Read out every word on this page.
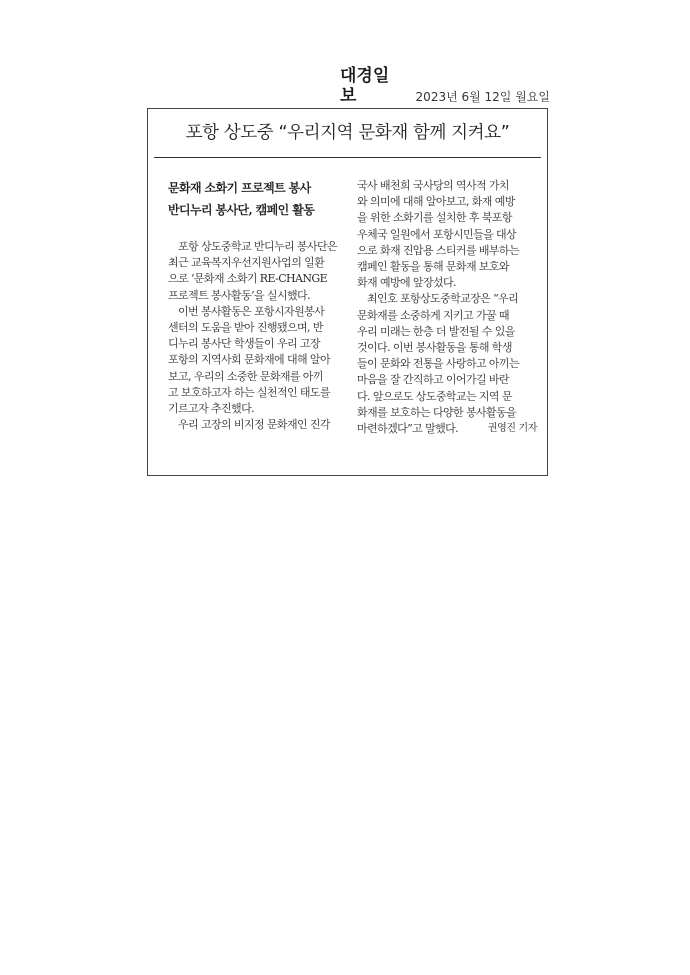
대경일보	2023년 6월 12일 월요일
포항 상도중 “우리지역 문화재 함께 지켜요”
문화재 소화기 프로젝트 봉사
반디누리 봉사단, 캠페인 활동
포항 상도중학교 반디누리 봉사단은
최근 교육복지우선지원사업의 일환
으로 ‘문화재 소화기 RE-CHANGE
프로젝트 봉사활동’을 실시했다.
이번 봉사활동은 포항시자원봉사
센터의 도움을 받아 진행됐으며, 반
디누리 봉사단 학생들이 우리 고장
포항의 지역사회 문화재에 대해 알아
보고, 우리의 소중한 문화재를 아끼
고 보호하고자 하는 실천적인 태도를
기르고자 추진했다.
우리 고장의 비지정 문화재인 진각
국사 배천희 국사당의 역사적 가치
와 의미에 대해 알아보고, 화재 예방
을 위한 소화기를 설치한 후 북포항
우체국 일원에서 포항시민들을 대상
으로 화재 진압용 스티커를 배부하는
캠페인 활동을 통해 문화재 보호와
화재 예방에 앞장섰다.
최인호 포항상도중학교장은 “우리
문화재를 소중하게 지키고 가꿀 때
우리 미래는 한층 더 발전될 수 있을
것이다. 이번 봉사활동을 통해 학생
들이 문화와 전통을 사랑하고 아끼는
마음을 잘 간직하고 이어가길 바란
다. 앞으로도 상도중학교는 지역 문
화재를 보호하는 다양한 봉사활동을
마련하겠다”고 말했다.	권영진 기자
